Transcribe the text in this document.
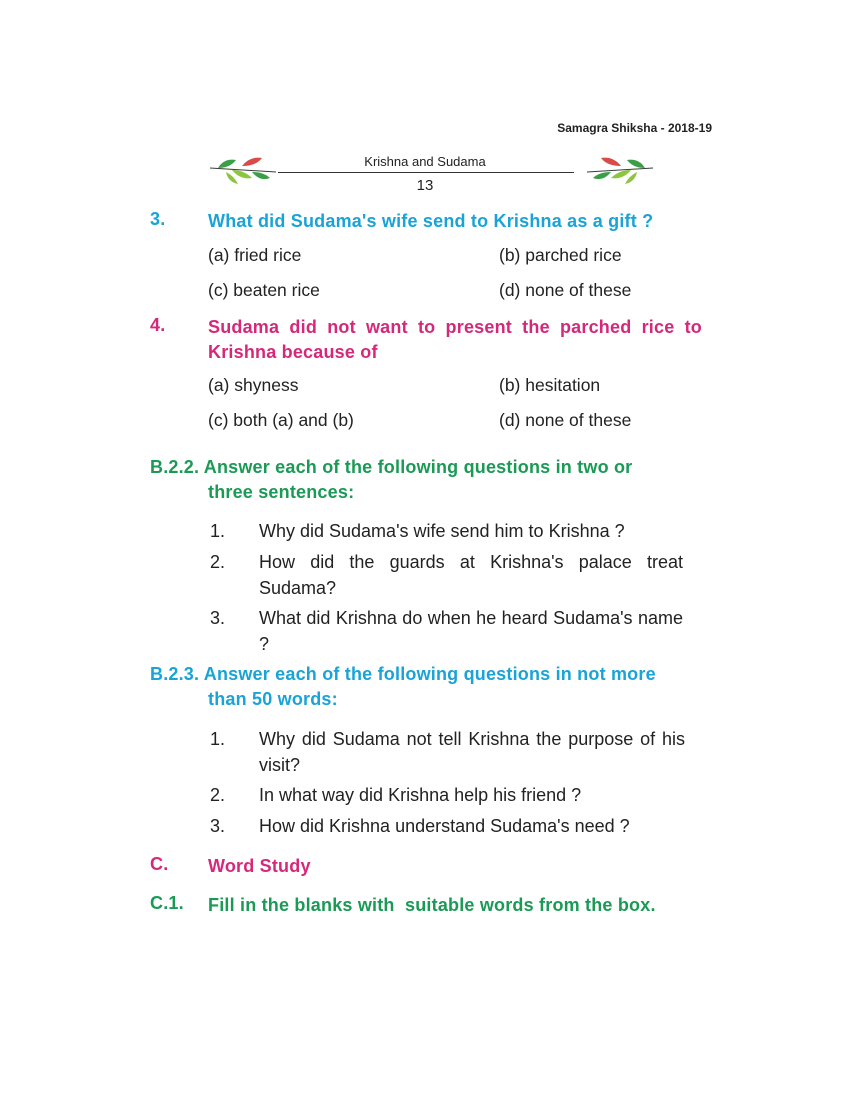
Samagra Shiksha - 2018-19
Krishna and Sudama
13
3. What did Sudama's wife send to Krishna as a gift ?
(a) fried rice	(b) parched rice
(c) beaten rice	(d) none of these
4. Sudama did not want to present the parched rice to Krishna because of
(a) shyness	(b) hesitation
(c) both (a) and (b)	(d) none of these
B.2.2. Answer each of the following questions in two or
three sentences:
1. Why did Sudama's wife send him to Krishna ?
2. How did the guards at Krishna's palace treat Sudama?
3. What did Krishna do when he heard Sudama's name ?
B.2.3. Answer each of the following questions in not more
than 50 words:
1. Why did Sudama not tell Krishna the purpose of his visit?
2. In what way did Krishna help his friend ?
3. How did Krishna understand Sudama's need ?
C. Word Study
C.1. Fill in the blanks with  suitable words from the box.
